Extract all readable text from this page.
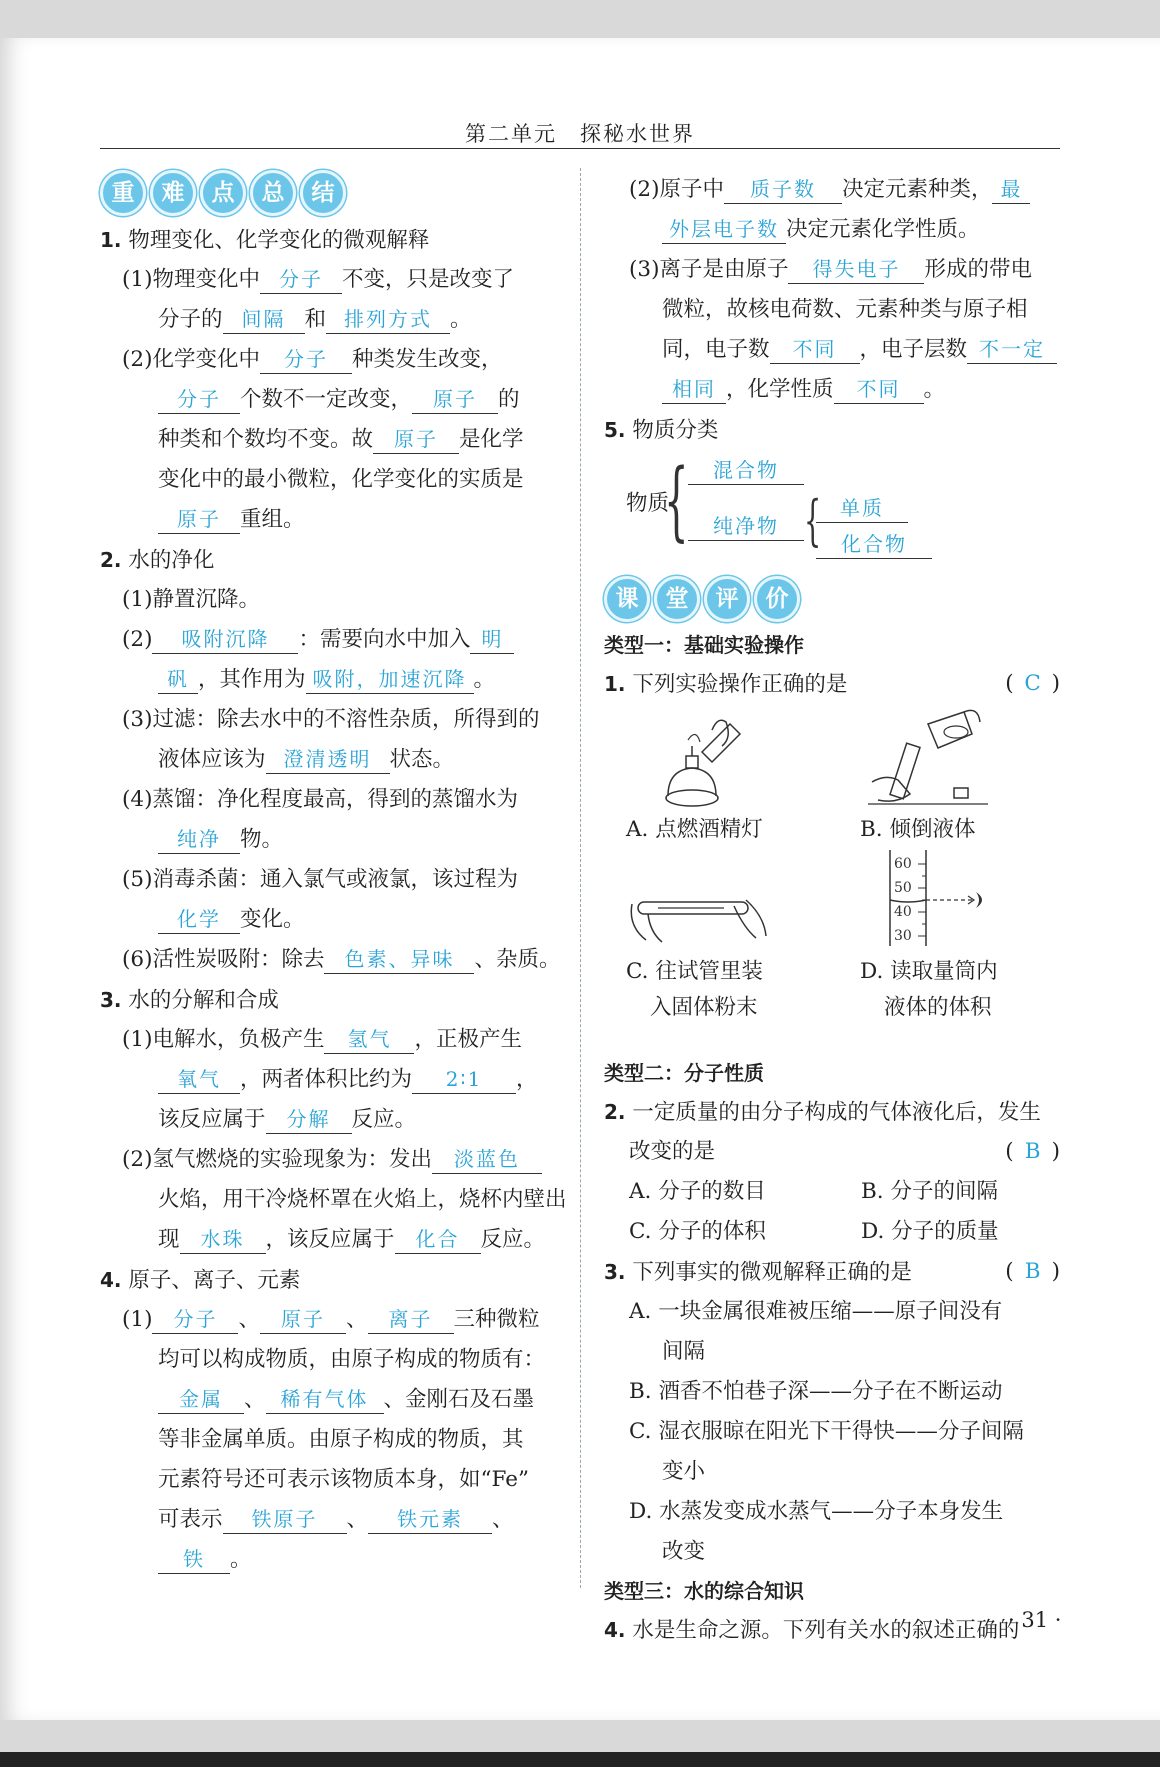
第二单元　探秘水世界
重	难	点	总	结
1. 物理变化、化学变化的微观解释
(1)物理变化中 分子 不变，只是改变了
分子的 间隔 和 排列方式 。
(2)化学变化中 分子 种类发生改变，
分子 个数不一定改变， 原子 的
种类和个数均不变。故 原子 是化学
变化中的最小微粒，化学变化的实质是
原子 重组。
2. 水的净化
(1)静置沉降。
(2) 吸附沉降 ：需要向水中加入 明
矾 ，其作用为 吸附，加速沉降 。
(3)过滤：除去水中的不溶性杂质，所得到的
液体应该为 澄清透明 状态。
(4)蒸馏：净化程度最高，得到的蒸馏水为
纯净 物。
(5)消毒杀菌：通入氯气或液氯，该过程为
化学 变化。
(6)活性炭吸附：除去 色素、异味 、杂质。
3. 水的分解和合成
(1)电解水，负极产生 氢气 ，正极产生
氧气 ，两者体积比约为 2∶1 ，
该反应属于 分解 反应。
(2)氢气燃烧的实验现象为：发出 淡蓝色
火焰，用干冷烧杯罩在火焰上，烧杯内壁出
现 水珠 ，该反应属于 化合 反应。
4. 原子、离子、元素
(1) 分子 、 原子 、 离子 三种微粒
均可以构成物质，由原子构成的物质有：
金属 、 稀有气体 、金刚石及石墨
等非金属单质。由原子构成的物质，其
元素符号还可表示该物质本身，如“Fe”
可表示 铁原子 、 铁元素 、
铁 。
(2)原子中 质子数 决定元素种类， 最
外层电子数 决定元素化学性质。
(3)离子是由原子 得失电子 形成的带电
微粒，故核电荷数、元素种类与原子相
同，电子数 不同 ，电子层数 不一定
相同 ，化学性质 不同 。
5. 物质分类
物质
{	混合物
纯净物 { 单质
化合物
课	堂	评	价
类型一：基础实验操作
1. 下列实验操作正确的是	( C )
A. 点燃酒精灯	B. 倾倒液体
C. 往试管里装
入固体粉末
60
50
40
30
D. 读取量筒内
液体的体积
类型二：分子性质
2. 一定质量的由分子构成的气体液化后，发生
改变的是	( B )
A. 分子的数目	B. 分子的间隔
C. 分子的体积	D. 分子的质量
3. 下列事实的微观解释正确的是	( B )
A. 一块金属很难被压缩——原子间没有
间隔
B. 酒香不怕巷子深——分子在不断运动
C. 湿衣服晾在阳光下干得快——分子间隔
变小
D. 水蒸发变成水蒸气——分子本身发生
改变
类型三：水的综合知识
4. 水是生命之源。下列有关水的叙述正确的
· 31 ·
